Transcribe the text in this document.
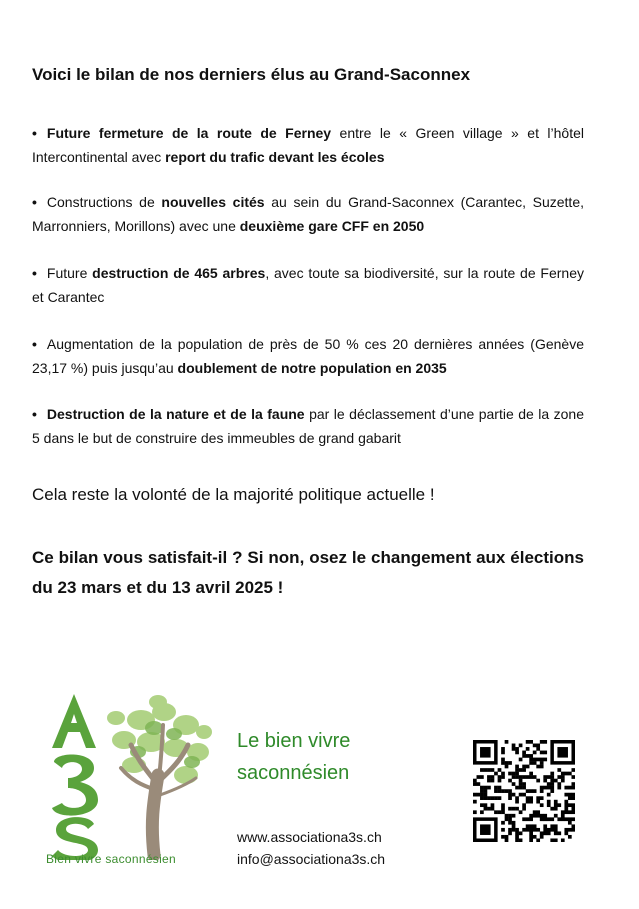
Voici le bilan de nos derniers élus au Grand-Saconnex
• Future fermeture de la route de Ferney entre le « Green village » et l’hôtel Intercontinental avec report du trafic devant les écoles
• Constructions de nouvelles cités au sein du Grand-Saconnex (Carantec, Suzette, Marronniers, Morillons) avec une deuxième gare CFF en 2050
• Future destruction de 465 arbres, avec toute sa biodiversité, sur la route de Ferney et Carantec
• Augmentation de la population de près de 50 % ces 20 dernières années (Genève 23,17 %) puis jusqu’au doublement de notre population en 2035
• Destruction de la nature et de la faune par le déclassement d’une partie de la zone 5 dans le but de construire des immeubles de grand gabarit
Cela reste la volonté de la majorité politique actuelle !
Ce bilan vous satisfait-il ? Si non, osez le changement aux élections du 23 mars et du 13 avril 2025 !
Bien vivre saconnésien
Le bien vivre
saconnésien
www.associationa3s.ch
info@associationa3s.ch
